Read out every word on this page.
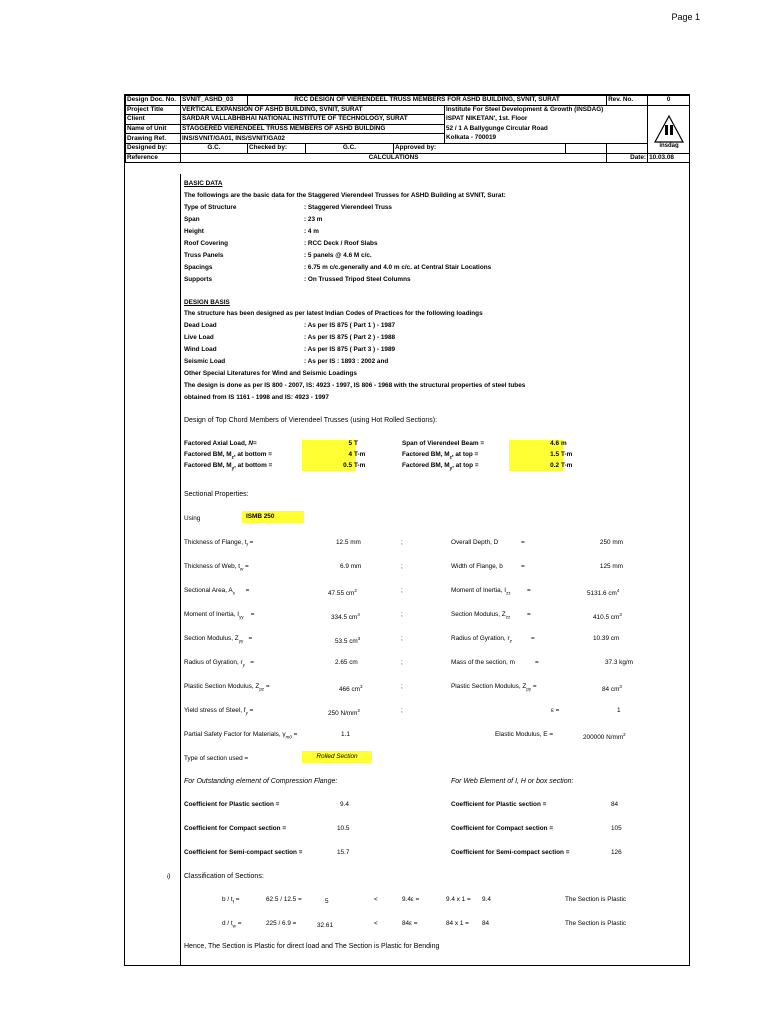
Page 1
Design Doc. No.	SVNIT_ASHD_03	RCC DESIGN OF VIERENDEEL TRUSS MEMBERS FOR ASHD BUILDING, SVNIT, SURAT					Rev. No.	0
Project Title	VERTICAL EXPANSION OF ASHD BUILDING, SVNIT, SURAT				Institute For Steel Development & Growth (INSDAG)			
Client	SARDAR VALLABHBHAI NATIONAL INSTITUTE OF TECHNOLOGY, SURAT				ISPAT NIKETAN', 1st. Floor			
Name of Unit	STAGGERED VIERENDEEL TRUSS MEMBERS OF ASHD BUILDING				52 / 1 A Ballygunge Circular Road			
Drawing Ref.	INS/SVNIT/GA01, INS/SVNIT/GA02				Kolkata - 700019			
Designed by:	G.C.	Checked by:	G.C.	Approved by:				
Reference	CALCULATIONS						Date:	10.03.08
insdag
BASIC DATA
The followings are the basic data for the Staggered Vierendeel Trusses for ASHD Building at SVNIT, Surat:
Type of Structure	: Staggered Vierendeel Truss
Span	: 23 m
Height	: 4 m
Roof Covering	: RCC Deck / Roof Slabs
Truss Panels	: 5 panels @ 4.6 M c/c.
Spacings	: 6.75 m c/c.generally and 4.0 m c/c. at Central Stair Locations
Supports	: On Trussed Tripod Steel Columns
DESIGN BASIS
The structure has been designed as per latest Indian Codes of Practices for the following loadings
Dead Load	: As per IS 875 ( Part 1 ) - 1987
Live Load	: As per IS 875 ( Part 2 ) - 1988
Wind Load	: As per IS 875 ( Part 3 ) - 1989
Seismic Load	: As per IS : 1893 : 2002 and
Other Special Literatures for Wind and Seismic Loadings
The design is done as per IS 800 - 2007, IS: 4923 - 1997, IS 806 - 1968 with the structural properties of steel tubes
obtained from IS 1161 - 1998 and IS: 4923 - 1997
Design of Top Chord Members of Vierendeel Trusses (using Hot Rolled Sections):
Factored Axial Load, N=	5 T	Span of Vierendeel Beam =	4.6 m
Factored BM, $M_z$, at bottom =	4 T-m	Factored BM, $M_z$, at top =	1.5 T-m
Factored BM, $M_y$, at bottom =	0.5 T-m	Factored BM, $M_y$, at top =	0.2 T-m
Sectional Properties:
Using	ISMB 250
Thickness of Flange, $t_f$ =	12.5 mm	;	Overall Depth, D	=	250 mm
Thickness of Web, $t_w$ =	6.9 mm	;	Width of Flange, b	=	125 mm
Sectional Area, $A_s$ =	47.55 $cm^2$	;	Moment of Inertia, $I_{zz}$	=	5131.6 $cm^4$
Moment of Inertia, $I_{yy}$ =	334.5 $cm^4$	;	Section Modulus, $Z_{zz}$	=	410.5 $cm^3$
Section Modulus, $Z_{yy}$ =	53.5 $cm^3$	;	Radius of Gyration, $r_z$	=	10.39 cm
Radius of Gyration, $r_y$ =	2.65 cm	;	Mass of the section, m	=	37.3 kg/m
Plastic Section Modulus, $Z_{pz}$ =	466 $cm^3$	;	Plastic Section Modulus, $Z_{py}$ =	84 $cm^3$
Yield stress of Steel, $f_y$ =	250 $N/mm^2$	;	ε =	1
Partial Safety Factor for Materials, $\gamma_{m0}$ =	1.1	Elastic Modulus, E =	200000 $N/mm^2$
Type of section used =	Rolled Section
For Outstanding element of Compression Flange:	For Web Element of I, H or box section:
Coefficient for Plastic section =	9.4	Coefficient for Plastic section =	84
Coefficient for Compact section =	10.5	Coefficient for Compact section =	105
Coefficient for Semi-compact section =	15.7	Coefficient for Semi-compact section =	126
i) Classification of Sections:
b / $t_f$ =	62.5 / 12.5 =	5	<	9.4ε =	9.4 x 1 = 9.4	The Section is Plastic
d / $t_w$ =	225 / 6.9 =	32.61	<	84ε =	84 x 1 = 84	The Section is Plastic
Hence, The Section is Plastic for direct load and The Section is Plastic for Bending
